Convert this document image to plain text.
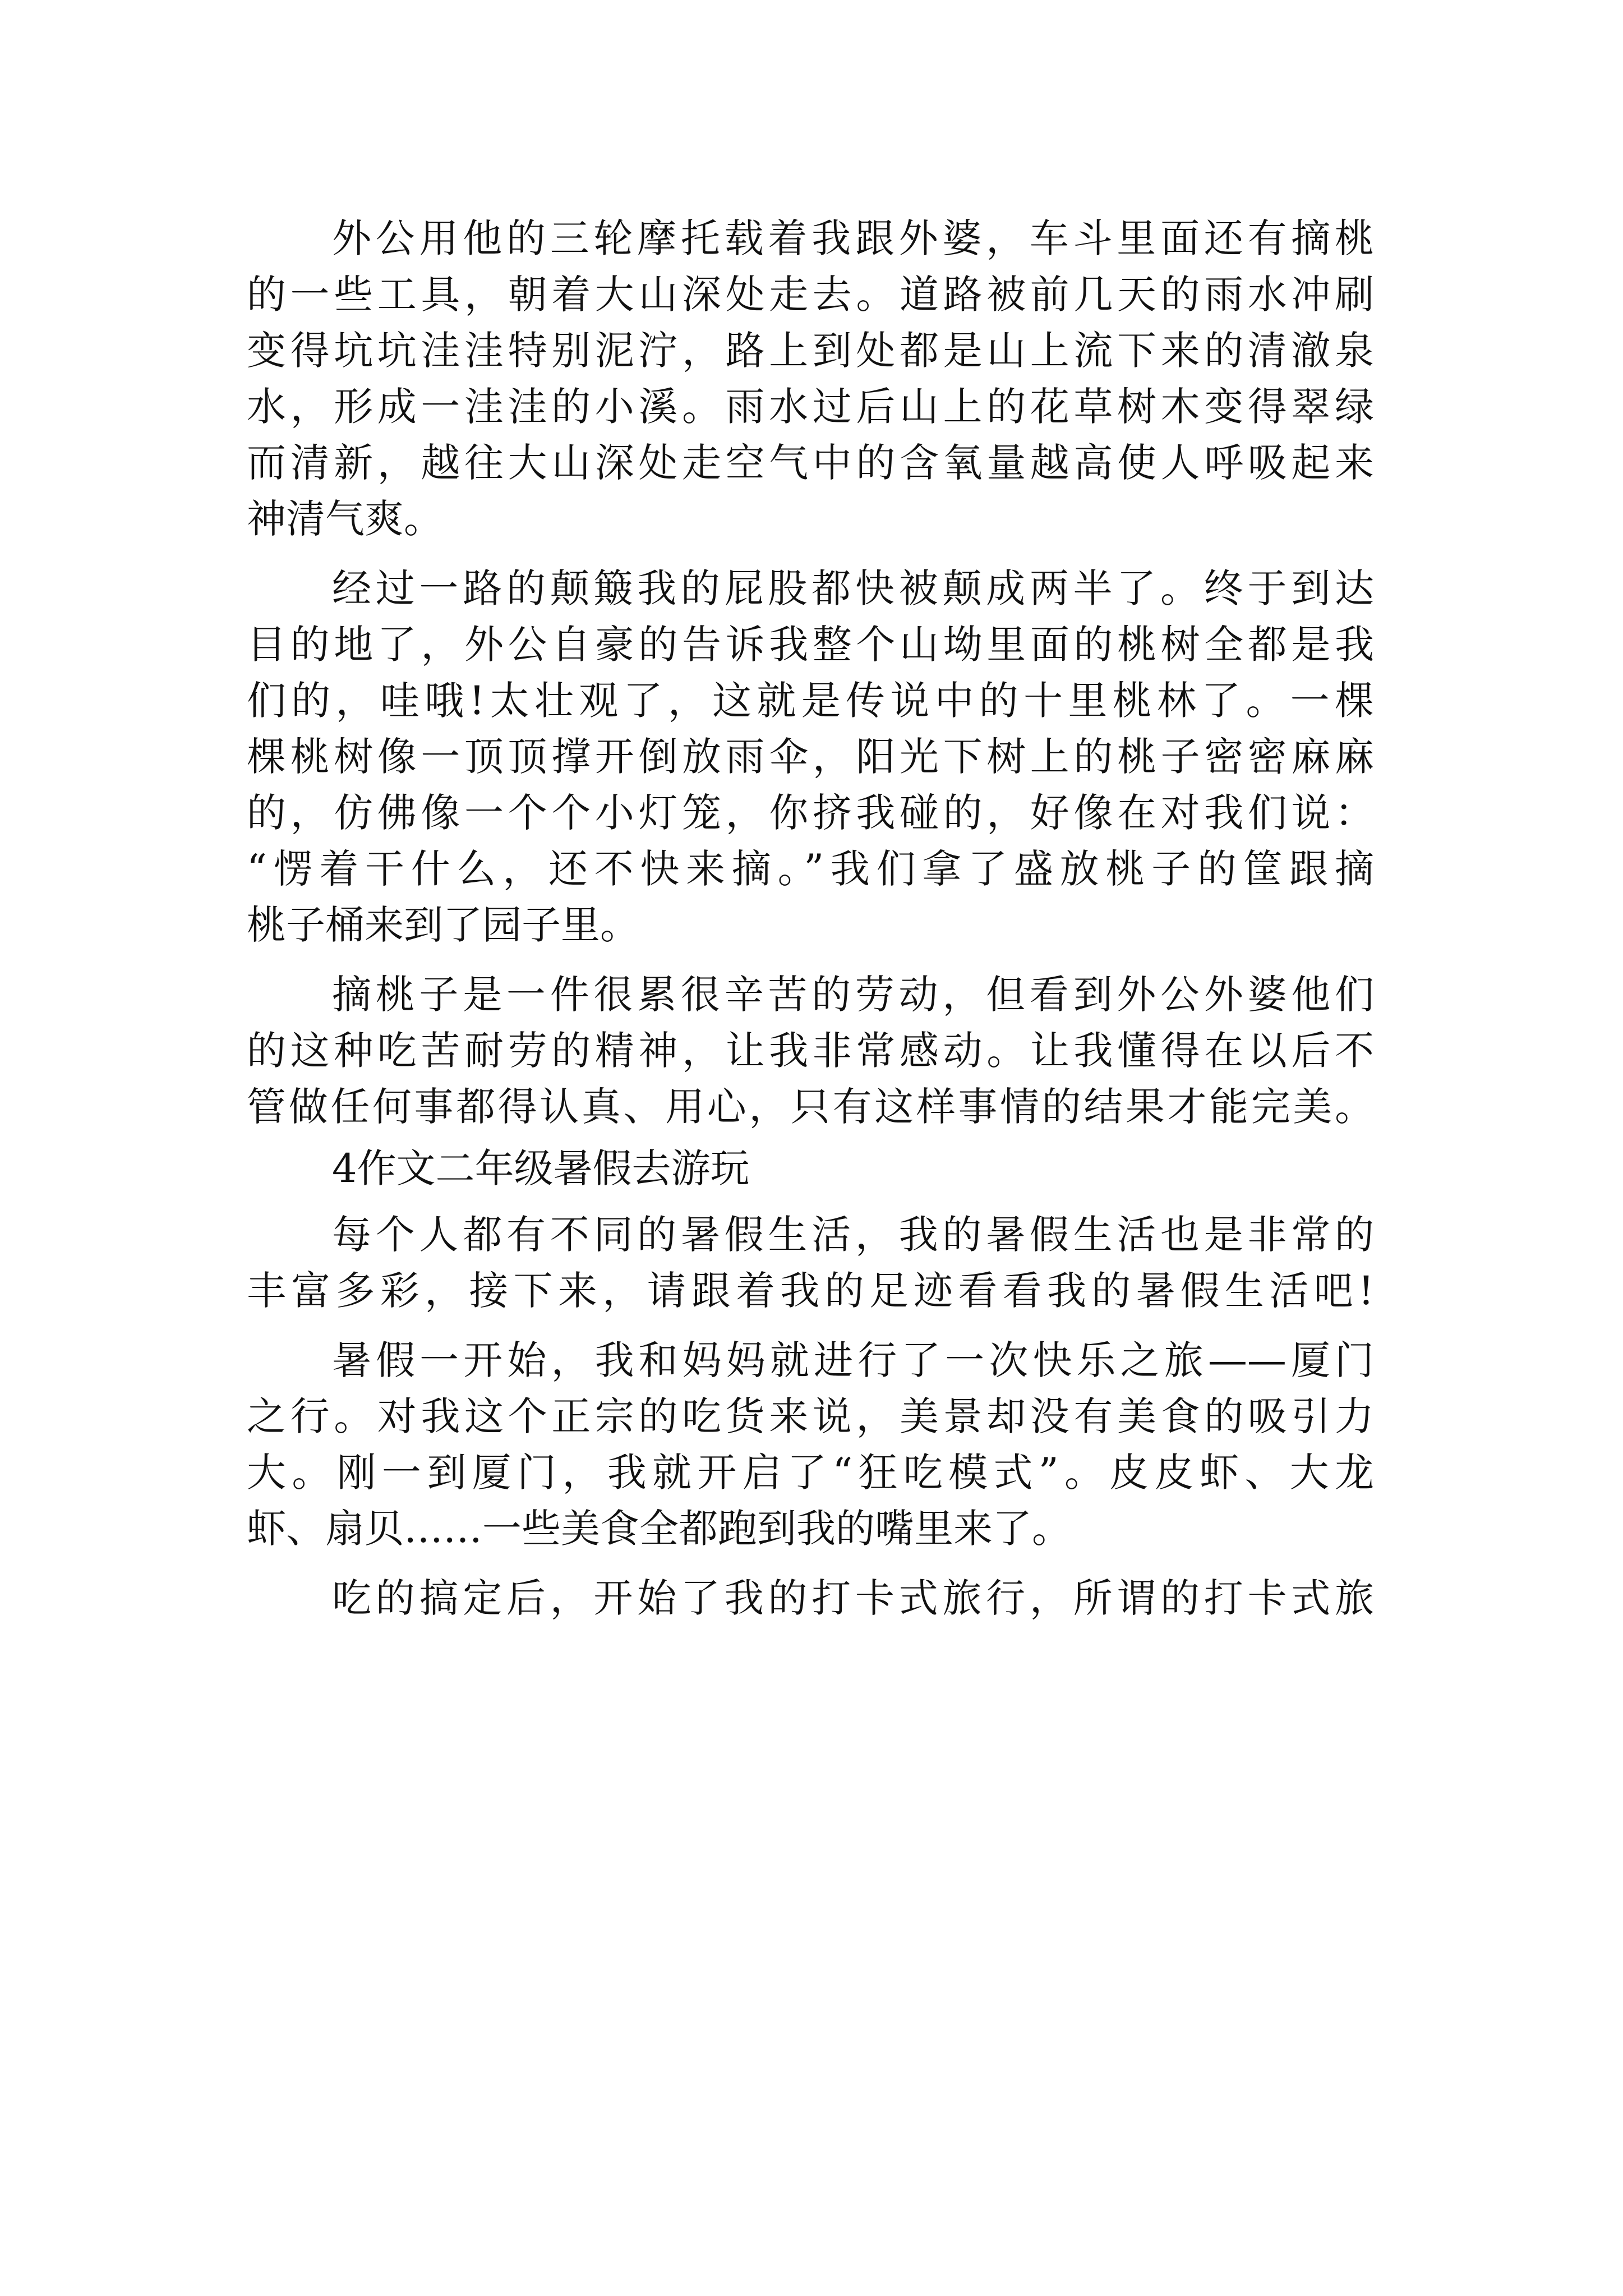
外公用他的三轮摩托载着我跟外婆，车斗里面还有摘桃
的一些工具，朝着大山深处走去。道路被前几天的雨水冲刷
变得坑坑洼洼特别泥泞，路上到处都是山上流下来的清澈泉
水，形成一洼洼的小溪。雨水过后山上的花草树木变得翠绿
而清新，越往大山深处走空气中的含氧量越高使人呼吸起来
神清气爽。
经过一路的颠簸我的屁股都快被颠成两半了。终于到达
目的地了，外公自豪的告诉我整个山坳里面的桃树全都是我
们的，哇哦!太壮观了，这就是传说中的十里桃林了。一棵
棵桃树像一顶顶撑开倒放雨伞，阳光下树上的桃子密密麻麻
的，仿佛像一个个小灯笼，你挤我碰的，好像在对我们说：
“愣着干什么，还不快来摘。”我们拿了盛放桃子的筐跟摘
桃子桶来到了园子里。
摘桃子是一件很累很辛苦的劳动，但看到外公外婆他们
的这种吃苦耐劳的精神，让我非常感动。让我懂得在以后不
管做任何事都得认真、用心，只有这样事情的结果才能完美。
4作文二年级暑假去游玩
每个人都有不同的暑假生活，我的暑假生活也是非常的
丰富多彩，接下来，请跟着我的足迹看看我的暑假生活吧!
暑假一开始，我和妈妈就进行了一次快乐之旅——厦门
之行。对我这个正宗的吃货来说，美景却没有美食的吸引力
大。刚一到厦门，我就开启了“狂吃模式”。皮皮虾、大龙
虾、扇贝……一些美食全都跑到我的嘴里来了。
吃的搞定后，开始了我的打卡式旅行，所谓的打卡式旅
